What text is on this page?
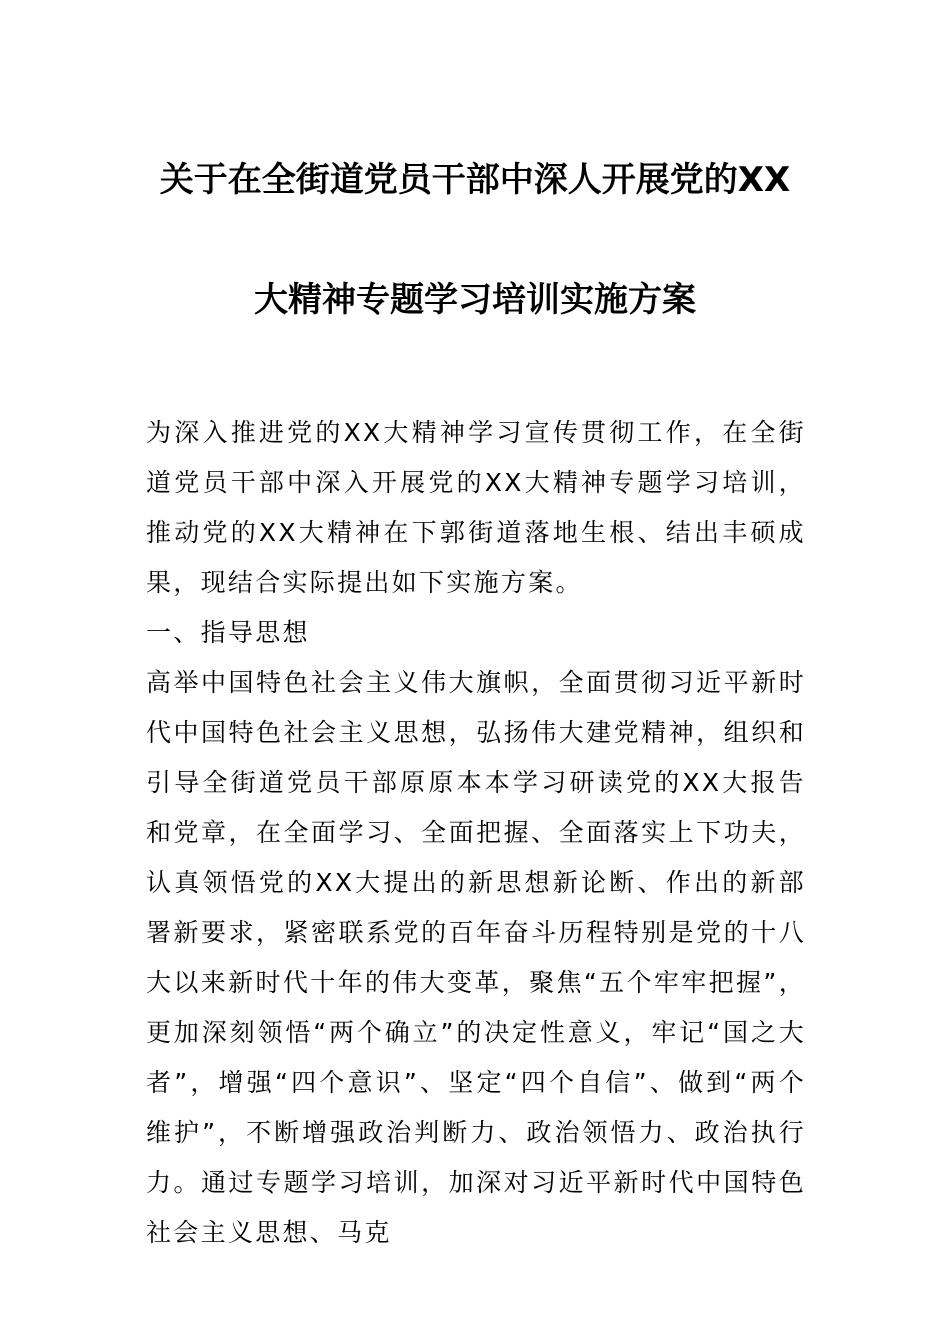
关于在全街道党员干部中深人开展党的XX
大精神专题学习培训实施方案

为深入推进党的XX大精神学习宣传贯彻工作，在全街道党员干部中深入开展党的XX大精神专题学习培训，推动党的XX大精神在下郭街道落地生根、结出丰硕成果，现结合实际提出如下实施方案。

一、指导思想

高举中国特色社会主义伟大旗帜，全面贯彻习近平新时代中国特色社会主义思想，弘扬伟大建党精神，组织和引导全街道党员干部原原本本学习研读党的XX大报告和党章，在全面学习、全面把握、全面落实上下功夫，认真领悟党的XX大提出的新思想新论断、作出的新部署新要求，紧密联系党的百年奋斗历程特别是党的十八大以来新时代十年的伟大变革，聚焦“五个牢牢把握”，更加深刻领悟“两个确立”的决定性意义，牢记“国之大者”，增强“四个意识”、坚定“四个自信”、做到“两个维护”，不断增强政治判断力、政治领悟力、政治执行力。通过专题学习培训，加深对习近平新时代中国特色社会主义思想、马克
